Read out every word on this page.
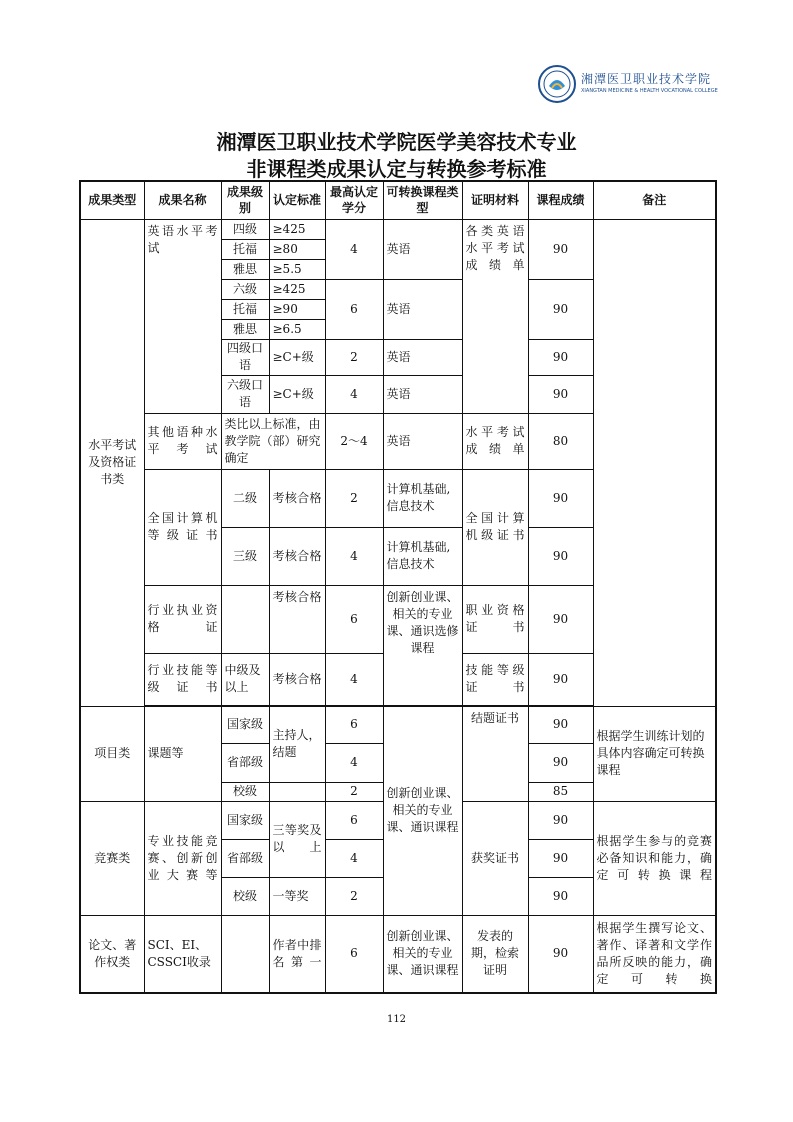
湘潭医卫职业技术学院
XIANGTAN MEDICINE & HEALTH VOCATIONAL COLLEGE
湘潭医卫职业技术学院医学美容技术专业
非课程类成果认定与转换参考标准
成果类型	成果名称	成果级别	认定标准	最高认定学分	可转换课程类型	证明材料	课程成绩	备注
水平考试及资格证书类	英语水平考试	四级	≥425	4	英语	各类英语水平考试成绩单	90	
		托福	≥80					
		雅思	≥5.5					
		六级	≥425	6	英语		90	
		托福	≥90					
		雅思	≥6.5					
		四级口语	≥C+级	2	英语		90	
		六级口语	≥C+级	4	英语		90	
	其他语种水平考试	类比以上标准，由教学院（部）研究确定		2～4	英语	水平考试成绩单	80	
	全国计算机等级证书	二级	考核合格	2	计算机基础,信息技术	全国计算机级证书	90	
		三级	考核合格	4	计算机基础,信息技术		90	
	行业执业资格证		考核合格	6	创新创业课、相关的专业课、通识选修课程	职业资格证书	90	
	行业技能等级证书	中级及以上	考核合格	4		技能等级证书	90	

项目类	课题等	国家级	主持人，结题	6	创新创业课、相关的专业课、通识课程	结题证书	90	根据学生训练计划的具体内容确定可转换课程
		省部级		4			90	
		校级		2			85	
竞赛类	专业技能竞赛、创新创业大赛等	国家级	三等奖及以上	6		获奖证书	90	根据学生参与的竞赛必备知识和能力，确定可转换课程
		省部级		4			90	
		校级	一等奖	2			90	
论文、著作权类	SCI、EI、CSSCI收录		作者中排名第一	6	创新创业课、相关的专业课、通识课程	发表的期，检索证明	90	根据学生撰写论文、著作、译著和文学作品所反映的能力，确定可转换
112
